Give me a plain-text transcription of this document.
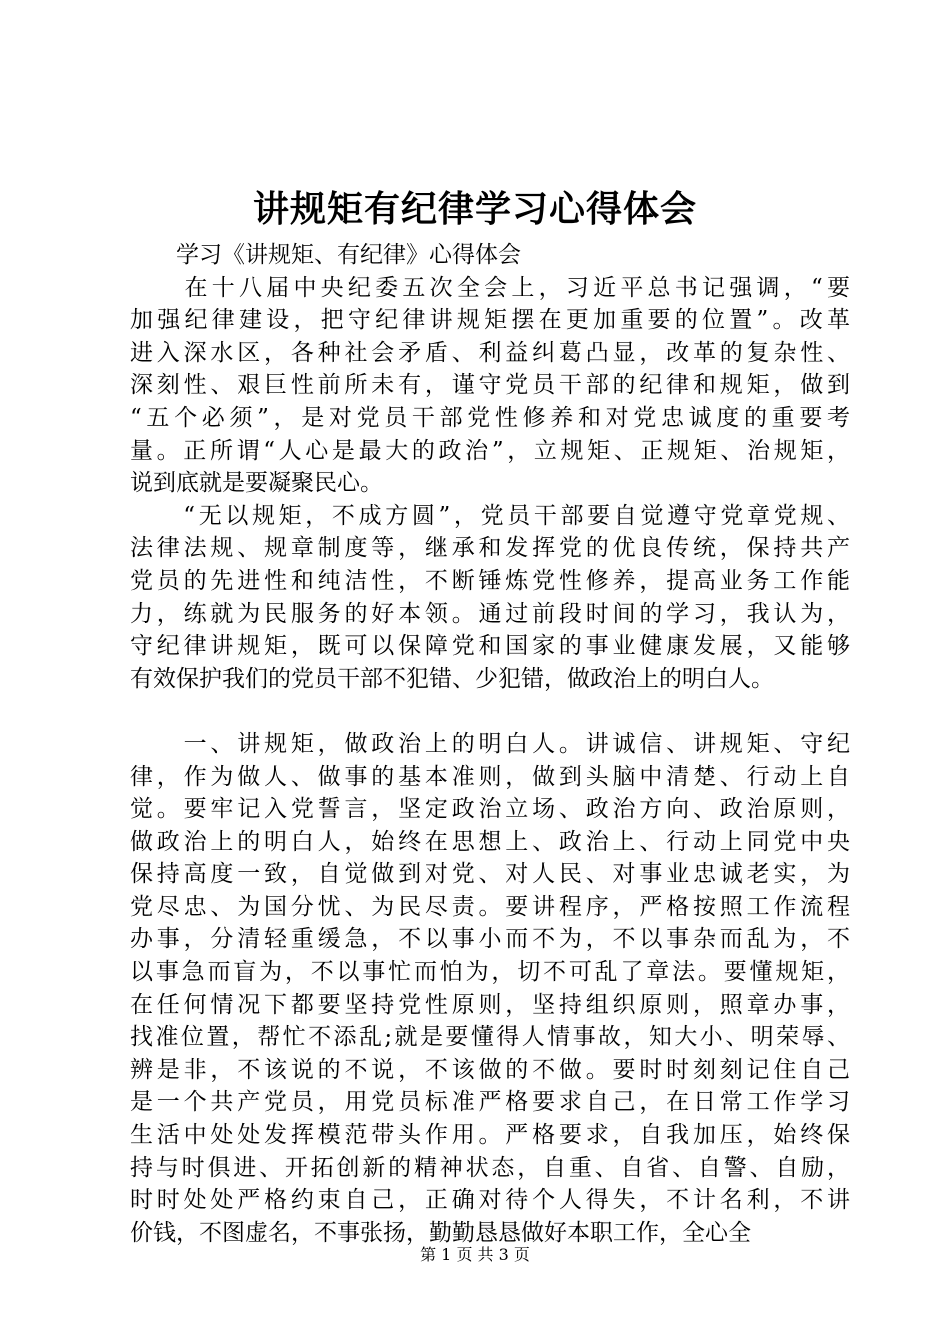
讲规矩有纪律学习心得体会
　　学习《讲规矩、有纪律》心得体会
　　在十八届中央纪委五次全会上，习近平总书记强调，“要
加强纪律建设，把守纪律讲规矩摆在更加重要的位置”。改革
进入深水区，各种社会矛盾、利益纠葛凸显，改革的复杂性、
深刻性、艰巨性前所未有，谨守党员干部的纪律和规矩，做到
“五个必须”，是对党员干部党性修养和对党忠诚度的重要考
量。正所谓“人心是最大的政治”，立规矩、正规矩、治规矩，
说到底就是要凝聚民心。
　　“无以规矩，不成方圆”，党员干部要自觉遵守党章党规、
法律法规、规章制度等，继承和发挥党的优良传统，保持共产
党员的先进性和纯洁性，不断锤炼党性修养，提高业务工作能
力，练就为民服务的好本领。通过前段时间的学习，我认为，
守纪律讲规矩，既可以保障党和国家的事业健康发展，又能够
有效保护我们的党员干部不犯错、少犯错，做政治上的明白人。
　　一、讲规矩，做政治上的明白人。讲诚信、讲规矩、守纪
律，作为做人、做事的基本准则，做到头脑中清楚、行动上自
觉。要牢记入党誓言，坚定政治立场、政治方向、政治原则，
做政治上的明白人，始终在思想上、政治上、行动上同党中央
保持高度一致，自觉做到对党、对人民、对事业忠诚老实，为
党尽忠、为国分忧、为民尽责。要讲程序，严格按照工作流程
办事，分清轻重缓急，不以事小而不为，不以事杂而乱为，不
以事急而盲为，不以事忙而怕为，切不可乱了章法。要懂规矩，
在任何情况下都要坚持党性原则，坚持组织原则，照章办事，
找准位置，帮忙不添乱;就是要懂得人情事故，知大小、明荣辱、
辨是非，不该说的不说，不该做的不做。要时时刻刻记住自己
是一个共产党员，用党员标准严格要求自己，在日常工作学习
生活中处处发挥模范带头作用。严格要求，自我加压，始终保
持与时俱进、开拓创新的精神状态，自重、自省、自警、自励，
时时处处严格约束自己，正确对待个人得失，不计名利，不讲
价钱，不图虚名，不事张扬，勤勤恳恳做好本职工作，全心全
第 1 页 共 3 页
